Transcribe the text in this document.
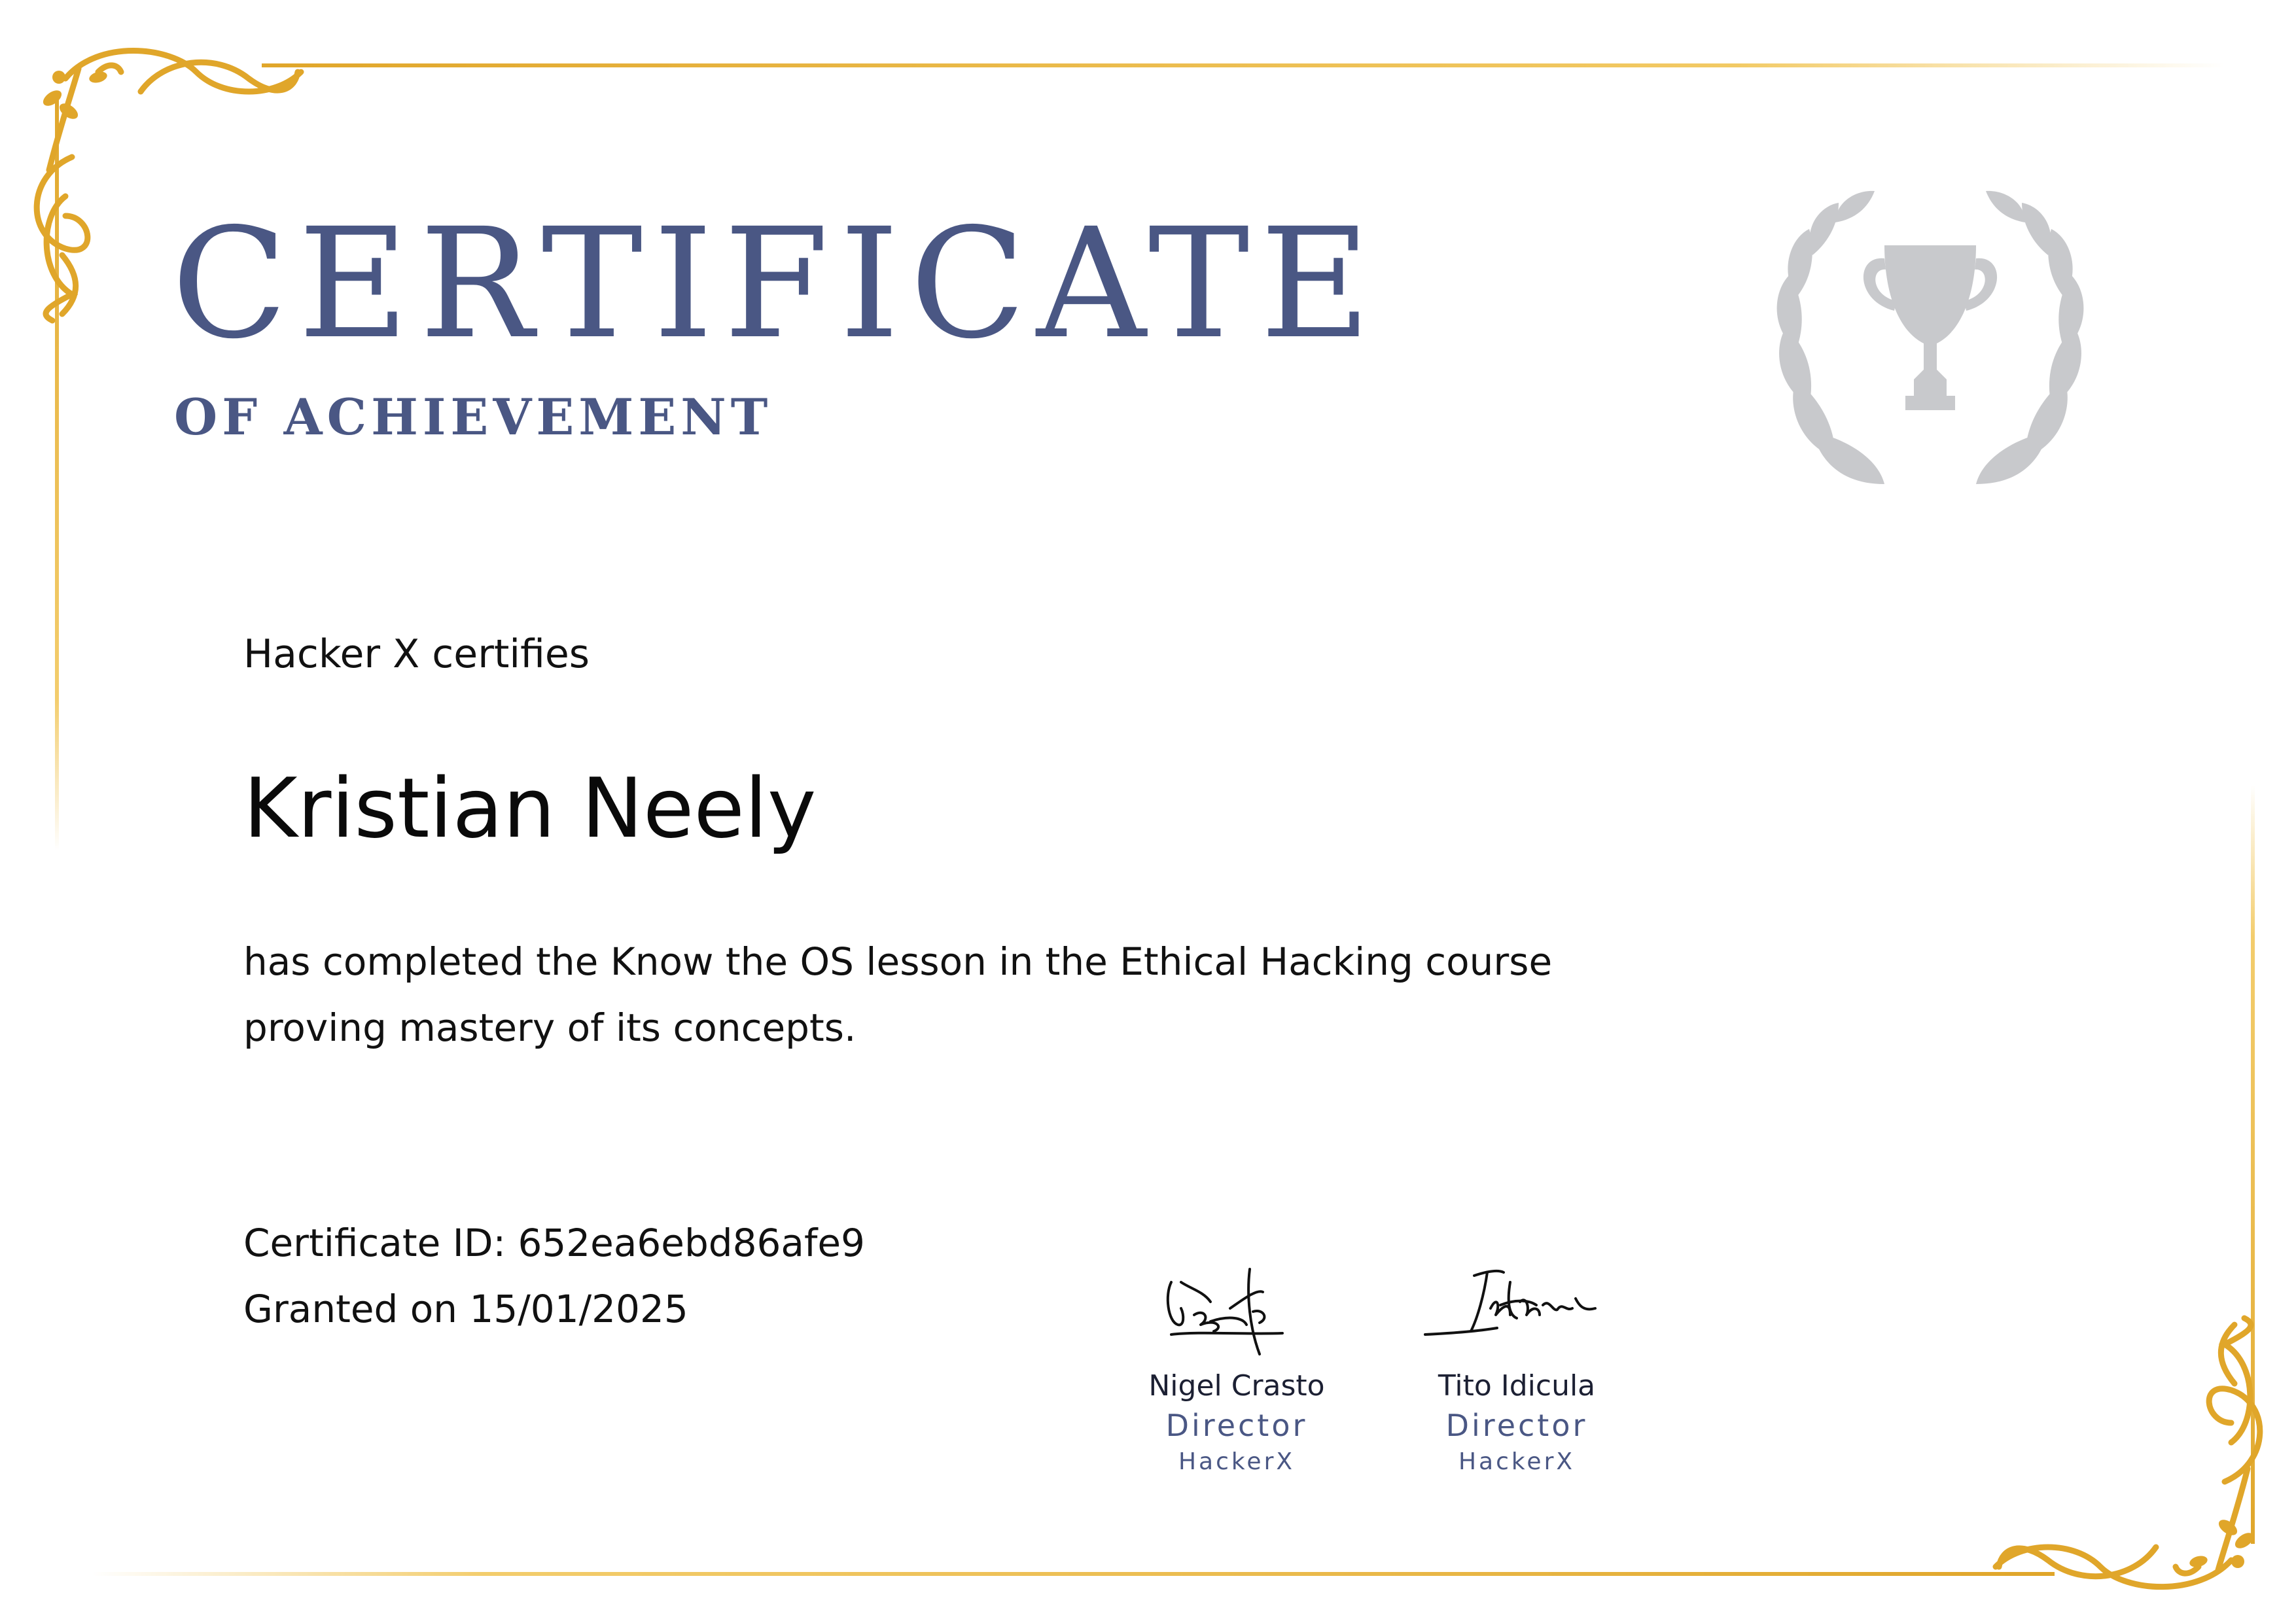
CERTIFICATE
OF ACHIEVEMENT

Hacker X certifies

Kristian Neely

has completed the Know the OS lesson in the Ethical Hacking course
proving mastery of its concepts.

Certificate ID: 652ea6ebd86afe9
Granted on 15/01/2025
Nigel Crasto
Director
HackerX
Tito Idicula
Director
HackerX
